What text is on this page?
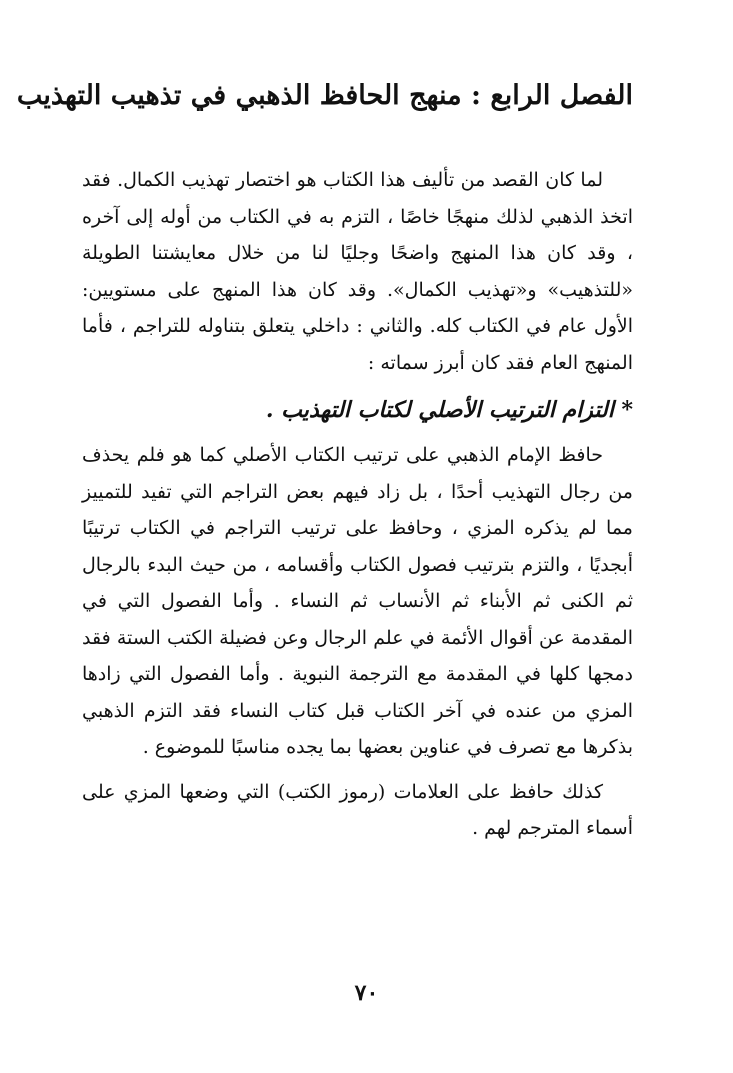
الفصل الرابع : منهج الحافظ الذهبي في تذهيب التهذيب

لما كان القصد من تأليف هذا الكتاب هو اختصار تهذيب الكمال. فقد اتخذ الذهبي لذلك منهجًا خاصًا ، التزم به في الكتاب من أوله إلى آخره ، وقد كان هذا المنهج واضحًا وجليًا لنا من خلال معايشتنا الطويلة «للتذهيب» و«تهذيب الكمال». وقد كان هذا المنهج على مستويين: الأول عام في الكتاب كله. والثاني : داخلي يتعلق بتناوله للتراجم ، فأما المنهج العام فقد كان أبرز سماته :

* التزام الترتيب الأصلي لكتاب التهذيب .

حافظ الإمام الذهبي على ترتيب الكتاب الأصلي كما هو فلم يحذف من رجال التهذيب أحدًا ، بل زاد فيهم بعض التراجم التي تفيد للتمييز مما لم يذكره المزي ، وحافظ على ترتيب التراجم في الكتاب ترتيبًا أبجديًا ، والتزم بترتيب فصول الكتاب وأقسامه ، من حيث البدء بالرجال ثم الكنى ثم الأبناء ثم الأنساب ثم النساء . وأما الفصول التي في المقدمة عن أقوال الأئمة في علم الرجال وعن فضيلة الكتب الستة فقد دمجها كلها في المقدمة مع الترجمة النبوية . وأما الفصول التي زادها المزي من عنده في آخر الكتاب قبل كتاب النساء فقد التزم الذهبي بذكرها مع تصرف في عناوين بعضها بما يجده مناسبًا للموضوع .

كذلك حافظ على العلامات (رموز الكتب) التي وضعها المزي على أسماء المترجم لهم .

٧٠
